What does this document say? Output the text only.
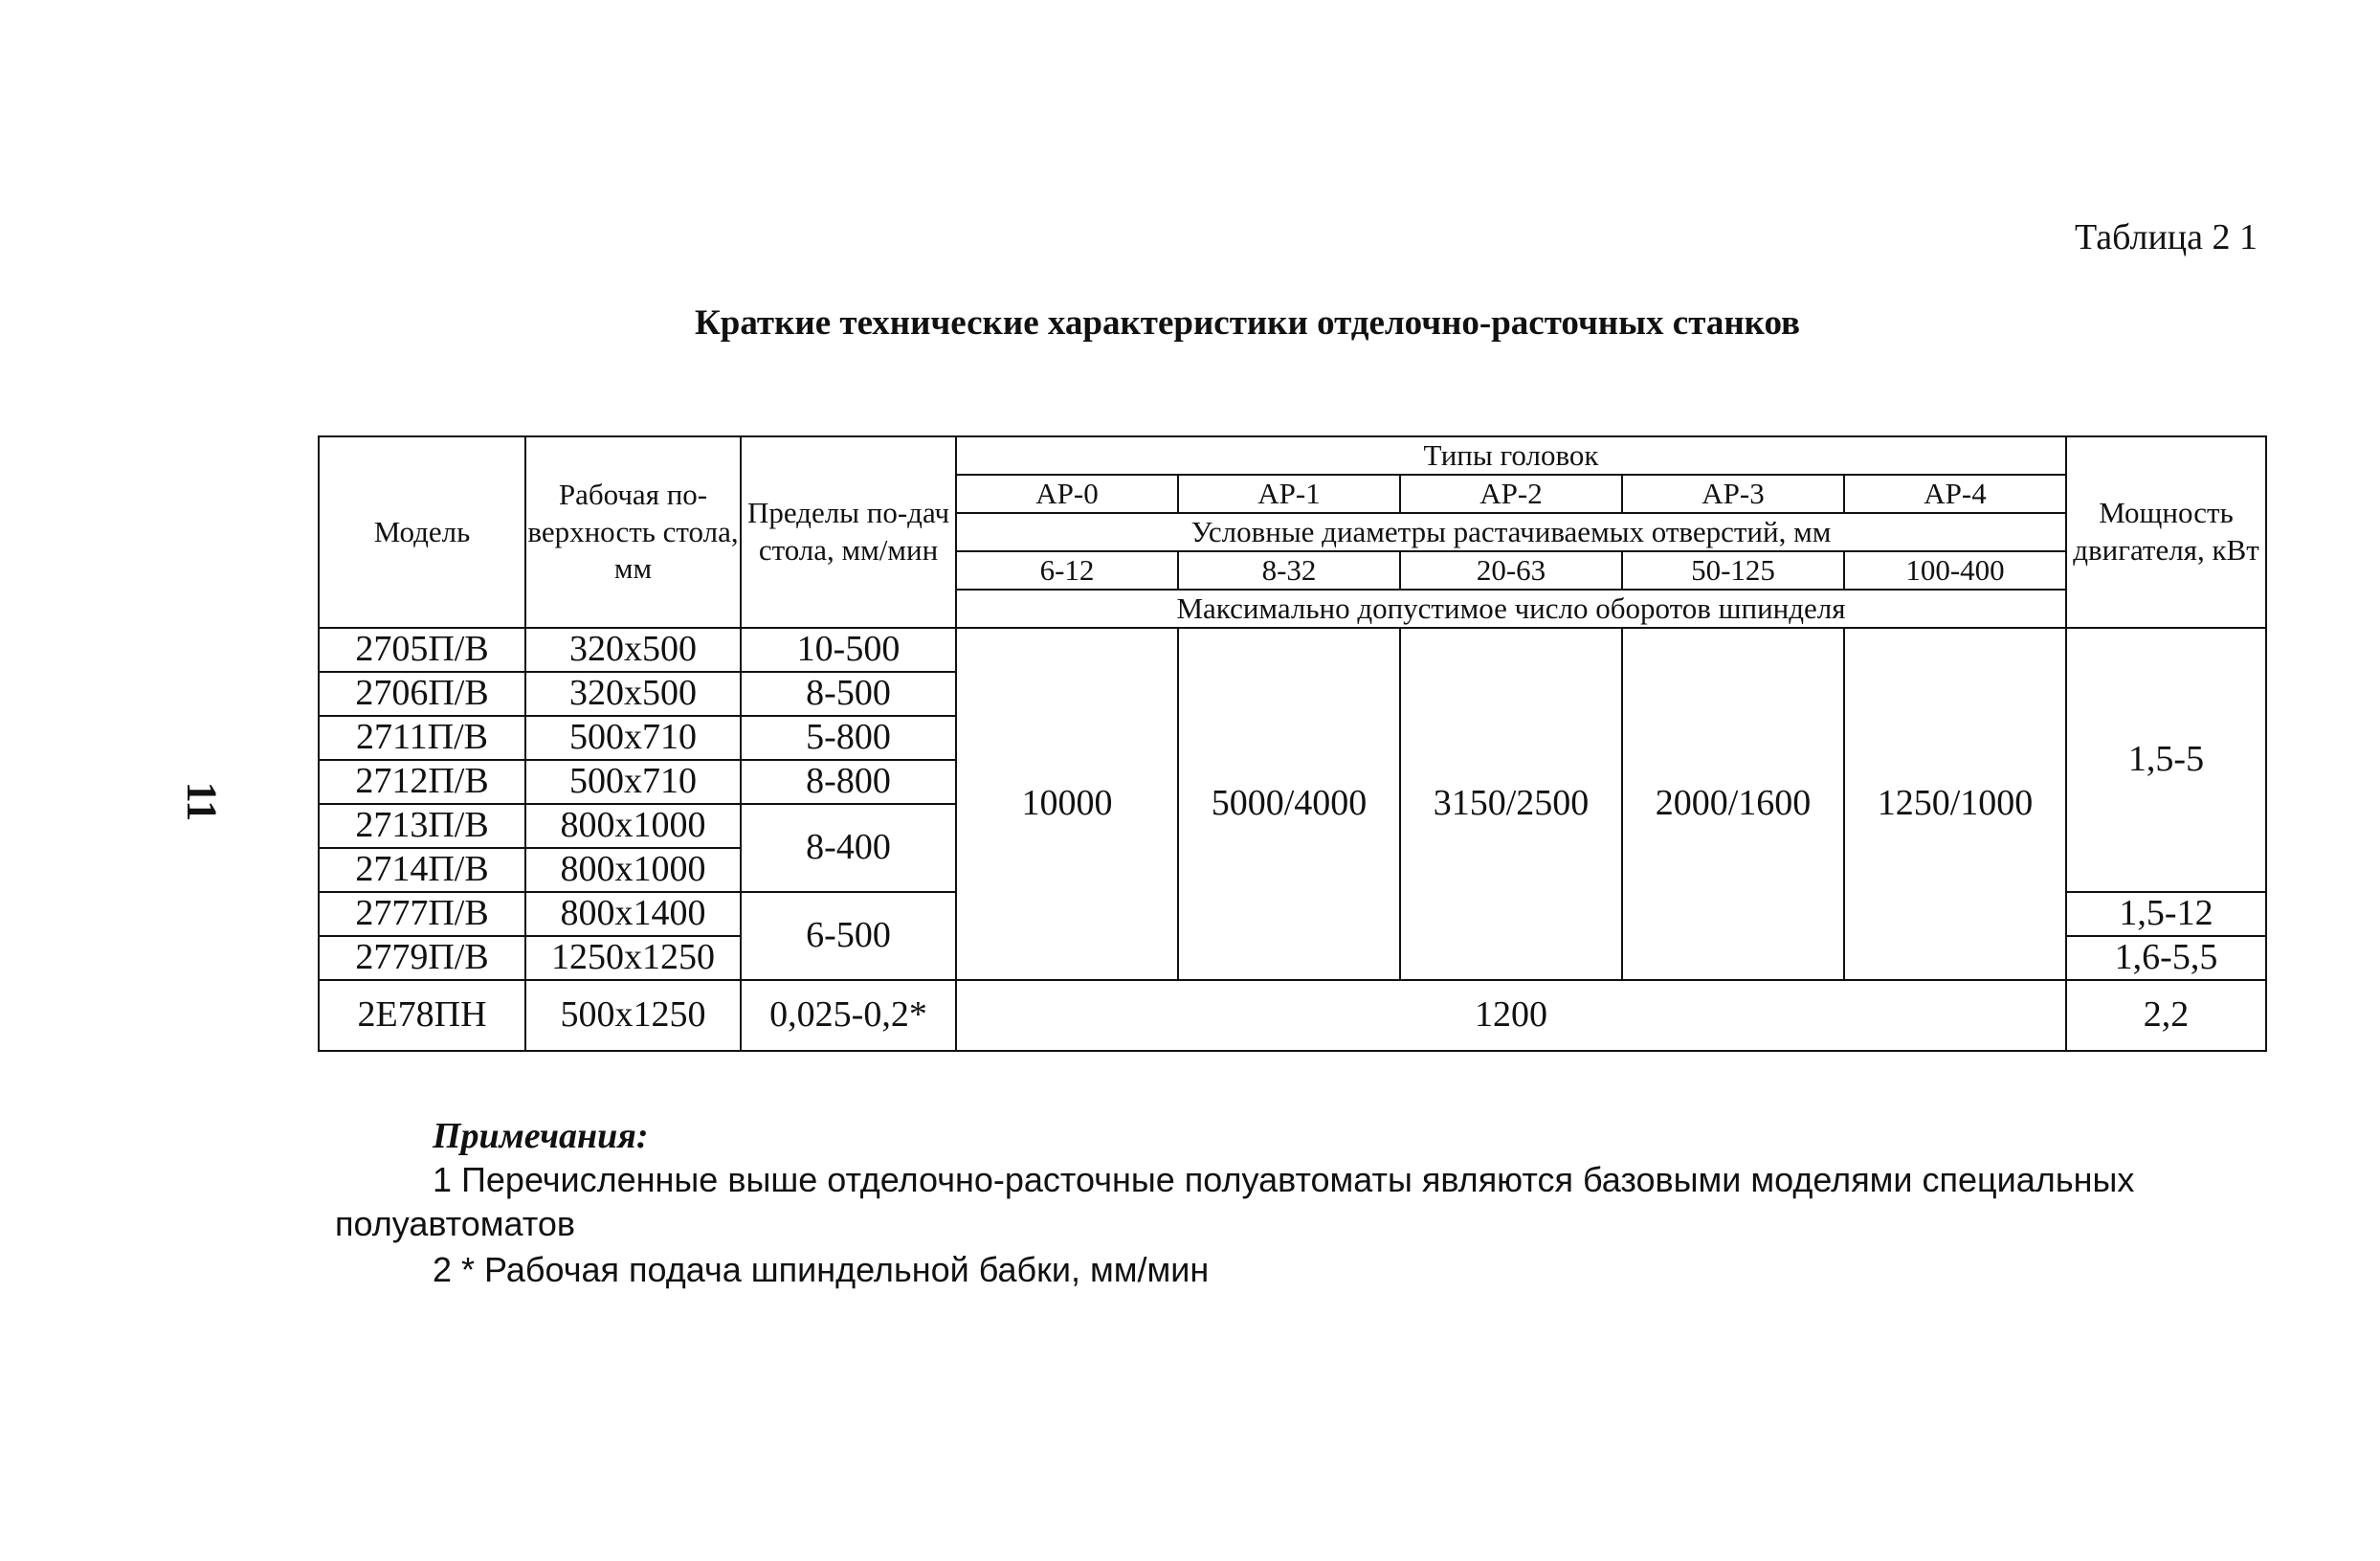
Таблица 2 1
Краткие технические характеристики отделочно-расточных станков
11
Модель	Рабочая по-верхность стола, мм	Пределы по-дач стола, мм/мин	Типы головок					Мощность двигателя, кВт
			АР-0	АР-1	АР-2	АР-3	АР-4	
			Условные диаметры растачиваемых отверстий, мм					
			6-12	8-32	20-63	50-125	100-400	
			Максимально допустимое число оборотов шпинделя					
2705П/В	320x500	10-500	10000	5000/4000	3150/2500	2000/1600	1250/1000	1,5-5
2706П/В	320x500	8-500						
2711П/В	500x710	5-800						
2712П/В	500x710	8-800						
2713П/В	800x1000	8-400						
2714П/В	800x1000							
2777П/В	800x1400	6-500						1,5-12
2779П/В	1250x1250							1,6-5,5
2Е78ПН	500x1250	0,025-0,2*	1200					2,2
Примечания:
1 Перечисленные выше отделочно-расточные полуавтоматы являются базовыми моделями специальных
полуавтоматов
2 * Рабочая подача шпиндельной бабки, мм/мин
